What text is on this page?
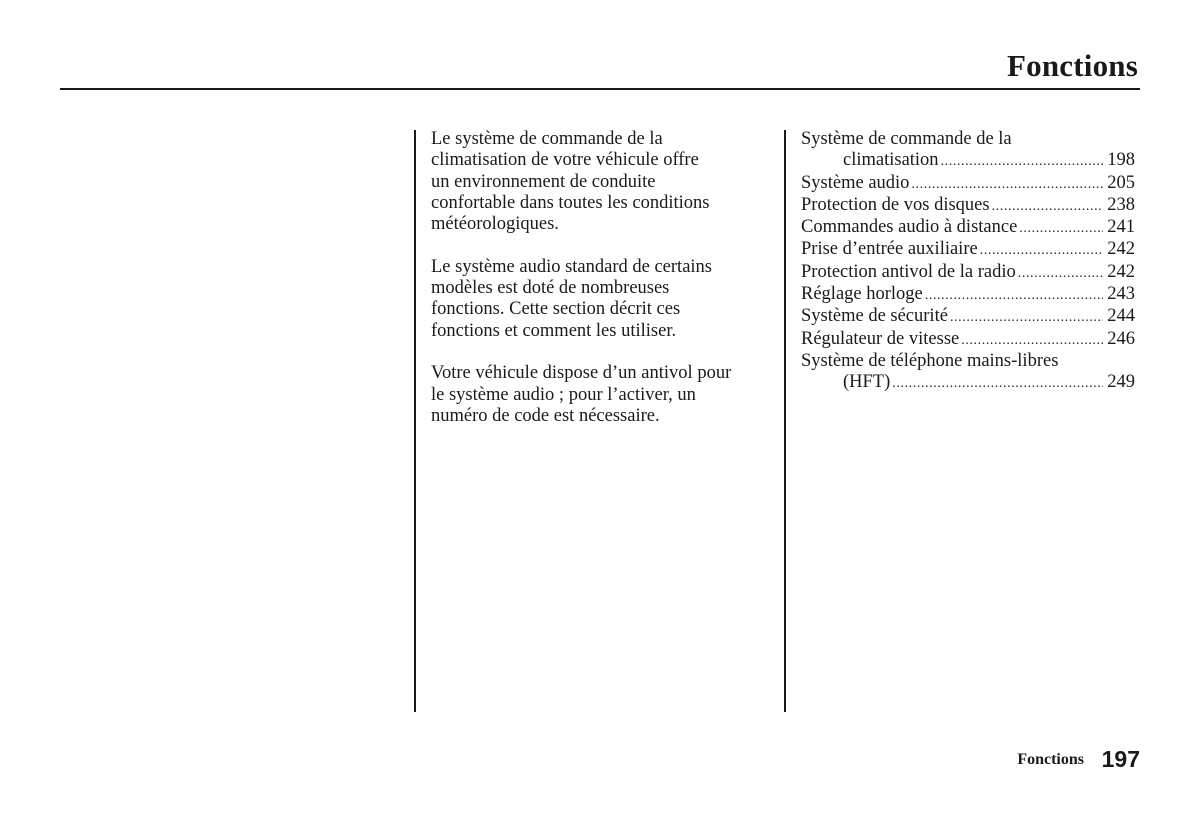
Fonctions

Le système de commande de la
climatisation de votre véhicule offre
un environnement de conduite
confortable dans toutes les conditions
météorologiques.

Le système audio standard de certains
modèles est doté de nombreuses
fonctions. Cette section décrit ces
fonctions et comment les utiliser.

Votre véhicule dispose d’un antivol pour
le système audio ; pour l’activer, un
numéro de code est nécessaire.

Système de commande de la
climatisation .....	198
Système audio .....	205
Protection de vos disques .....	238
Commandes audio à distance .....	241
Prise d’entrée auxiliaire .....	242
Protection antivol de la radio .....	242
Réglage horloge .....	243
Système de sécurité .....	244
Régulateur de vitesse .....	246
Système de téléphone mains-libres
(HFT) .....	249
Fonctions 197
